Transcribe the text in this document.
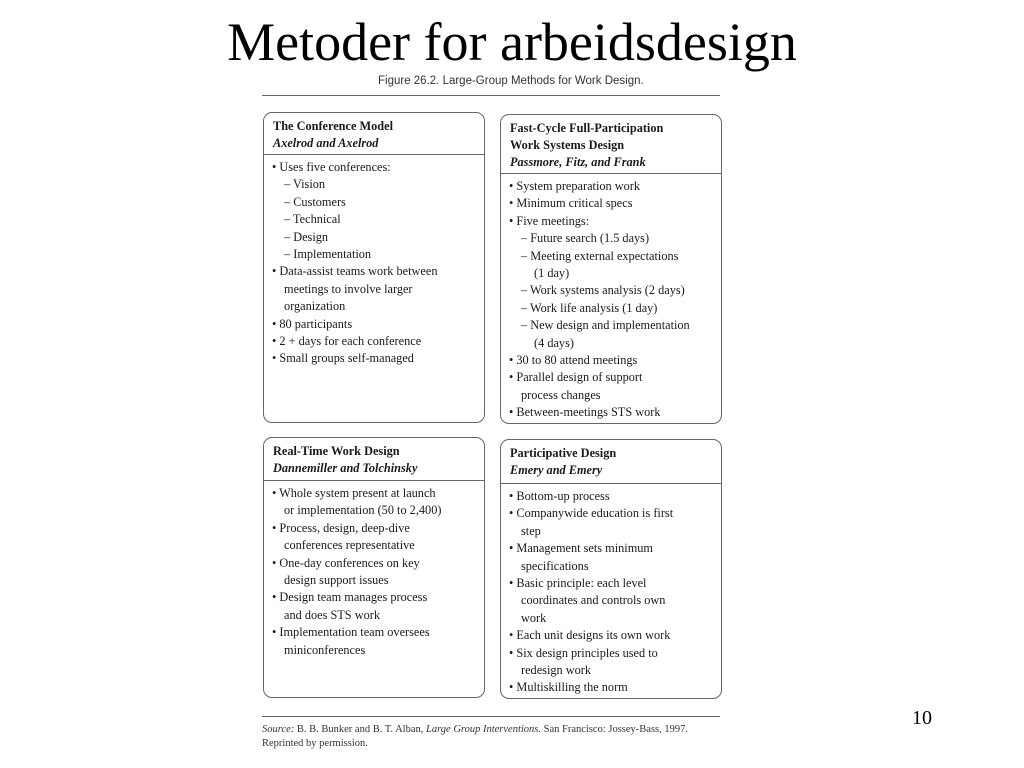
Metoder for arbeidsdesign
Figure 26.2. Large-Group Methods for Work Design.
The Conference Model
Axelrod and Axelrod
• Uses five conferences:
– Vision
– Customers
– Technical
– Design
– Implementation
• Data-assist teams work between
meetings to involve larger
organization
• 80 participants
• 2 + days for each conference
• Small groups self-managed
Fast-Cycle Full-Participation
Work Systems Design
Passmore, Fitz, and Frank
• System preparation work
• Minimum critical specs
• Five meetings:
– Future search (1.5 days)
– Meeting external expectations
(1 day)
– Work systems analysis (2 days)
– Work life analysis (1 day)
– New design and implementation
(4 days)
• 30 to 80 attend meetings
• Parallel design of support
process changes
• Between-meetings STS work
Real-Time Work Design
Dannemiller and Tolchinsky
• Whole system present at launch
or implementation (50 to 2,400)
• Process, design, deep-dive
conferences representative
• One-day conferences on key
design support issues
• Design team manages process
and does STS work
• Implementation team oversees
miniconferences
Participative Design
Emery and Emery
• Bottom-up process
• Companywide education is first
step
• Management sets minimum
specifications
• Basic principle: each level
coordinates and controls own
work
• Each unit designs its own work
• Six design principles used to
redesign work
• Multiskilling the norm
Source: B. B. Bunker and B. T. Alban, Large Group Interventions. San Francisco: Jossey-Bass, 1997.
Reprinted by permission.
10
